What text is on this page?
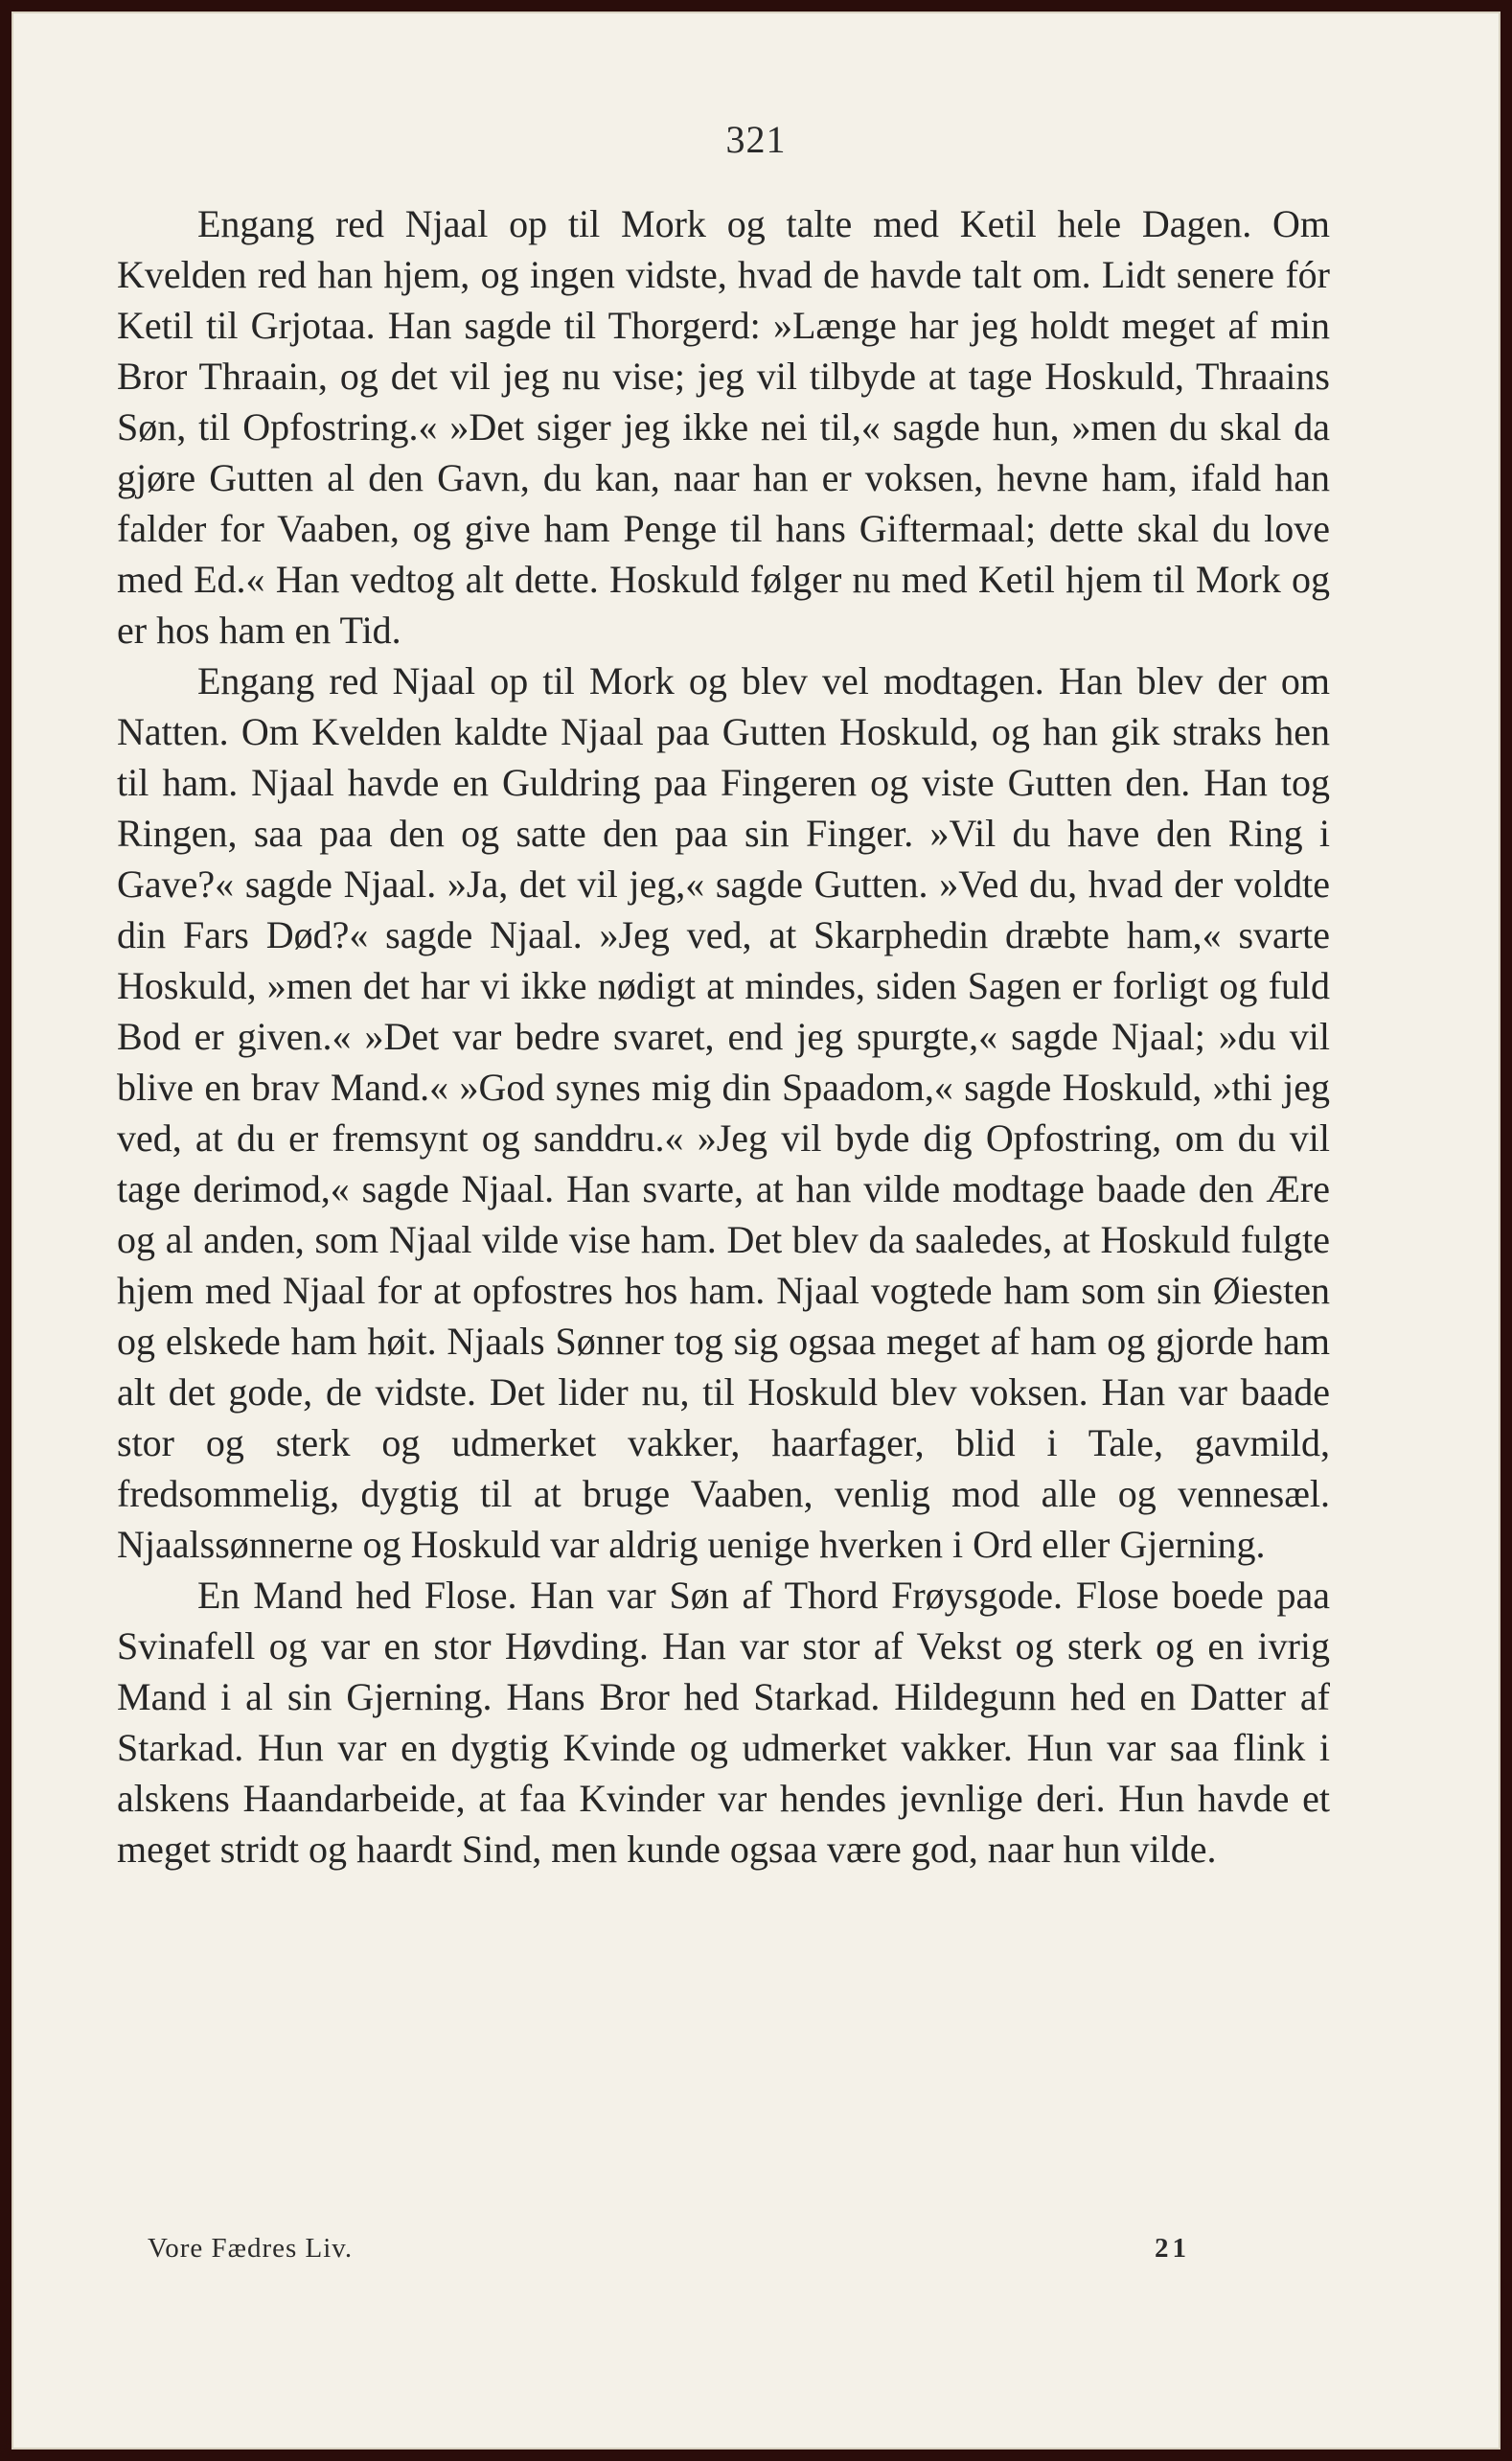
321

Engang red Njaal op til Mork og talte med Ketil hele Dagen. Om Kvelden red han hjem, og ingen vidste, hvad de havde talt om. Lidt senere fór Ketil til Grjotaa. Han sagde til Thorgerd: »Længe har jeg holdt meget af min Bror Thraain, og det vil jeg nu vise; jeg vil tilbyde at tage Hoskuld, Thraains Søn, til Opfostring.« »Det siger jeg ikke nei til,« sagde hun, »men du skal da gjøre Gutten al den Gavn, du kan, naar han er voksen, hevne ham, ifald han falder for Vaaben, og give ham Penge til hans Giftermaal; dette skal du love med Ed.« Han vedtog alt dette. Hoskuld følger nu med Ketil hjem til Mork og er hos ham en Tid.

Engang red Njaal op til Mork og blev vel modtagen. Han blev der om Natten. Om Kvelden kaldte Njaal paa Gutten Hoskuld, og han gik straks hen til ham. Njaal havde en Guldring paa Fingeren og viste Gutten den. Han tog Ringen, saa paa den og satte den paa sin Finger. »Vil du have den Ring i Gave?« sagde Njaal. »Ja, det vil jeg,« sagde Gutten. »Ved du, hvad der voldte din Fars Død?« sagde Njaal. »Jeg ved, at Skarphedin dræbte ham,« svarte Hoskuld, »men det har vi ikke nødigt at mindes, siden Sagen er forligt og fuld Bod er given.« »Det var bedre svaret, end jeg spurgte,« sagde Njaal; »du vil blive en brav Mand.« »God synes mig din Spaadom,« sagde Hoskuld, »thi jeg ved, at du er fremsynt og sanddru.« »Jeg vil byde dig Opfostring, om du vil tage derimod,« sagde Njaal. Han svarte, at han vilde modtage baade den Ære og al anden, som Njaal vilde vise ham. Det blev da saaledes, at Hoskuld fulgte hjem med Njaal for at opfostres hos ham. Njaal vogtede ham som sin Øiesten og elskede ham høit. Njaals Sønner tog sig ogsaa meget af ham og gjorde ham alt det gode, de vidste. Det lider nu, til Hoskuld blev voksen. Han var baade stor og sterk og udmerket vakker, haarfager, blid i Tale, gavmild, fredsommelig, dygtig til at bruge Vaaben, venlig mod alle og vennesæl. Njaalssønnerne og Hoskuld var aldrig uenige hverken i Ord eller Gjerning.

En Mand hed Flose. Han var Søn af Thord Frøysgode. Flose boede paa Svinafell og var en stor Høvding. Han var stor af Vekst og sterk og en ivrig Mand i al sin Gjerning. Hans Bror hed Starkad. Hildegunn hed en Datter af Starkad. Hun var en dygtig Kvinde og udmerket vakker. Hun var saa flink i alskens Haandarbeide, at faa Kvinder var hendes jevnlige deri. Hun havde et meget stridt og haardt Sind, men kunde ogsaa være god, naar hun vilde.

Vore Fædres Liv.	21
